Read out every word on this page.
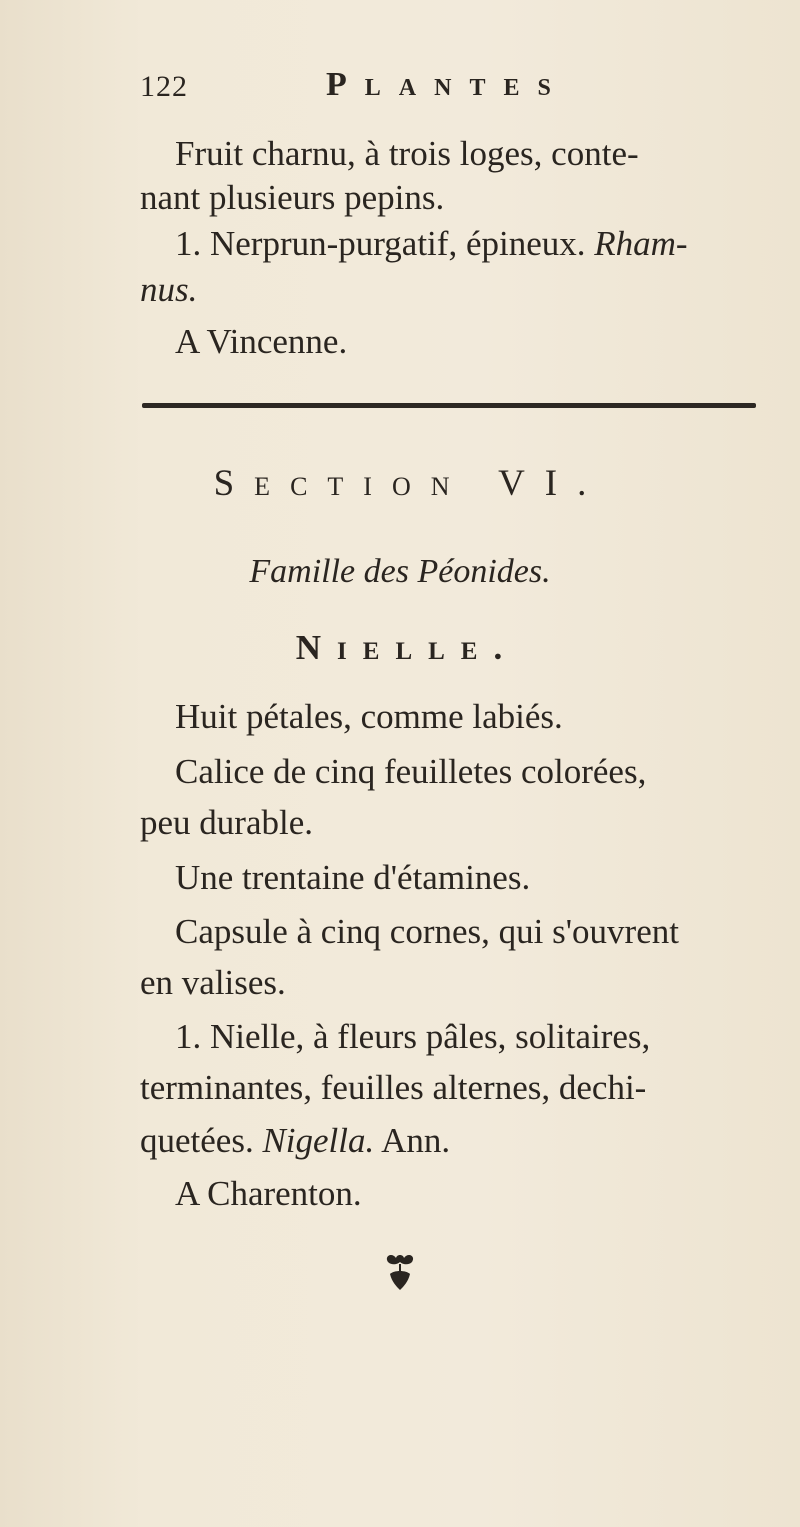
122	Plantes
Fruit charnu, à trois loges, conte-
nant plusieurs pepins.
1. Nerprun-purgatif, épineux. Rham-
nus.
A Vincenne.
Section VI.
Famille des Péonides.
Nielle.
Huit pétales, comme labiés.
Calice de cinq feuilletes colorées,
peu durable.
Une trentaine d'étamines.
Capsule à cinq cornes, qui s'ouvrent
en valises.
1. Nielle, à fleurs pâles, solitaires,
terminantes, feuilles alternes, dechi-
quetées. Nigella. Ann.
A Charenton.
